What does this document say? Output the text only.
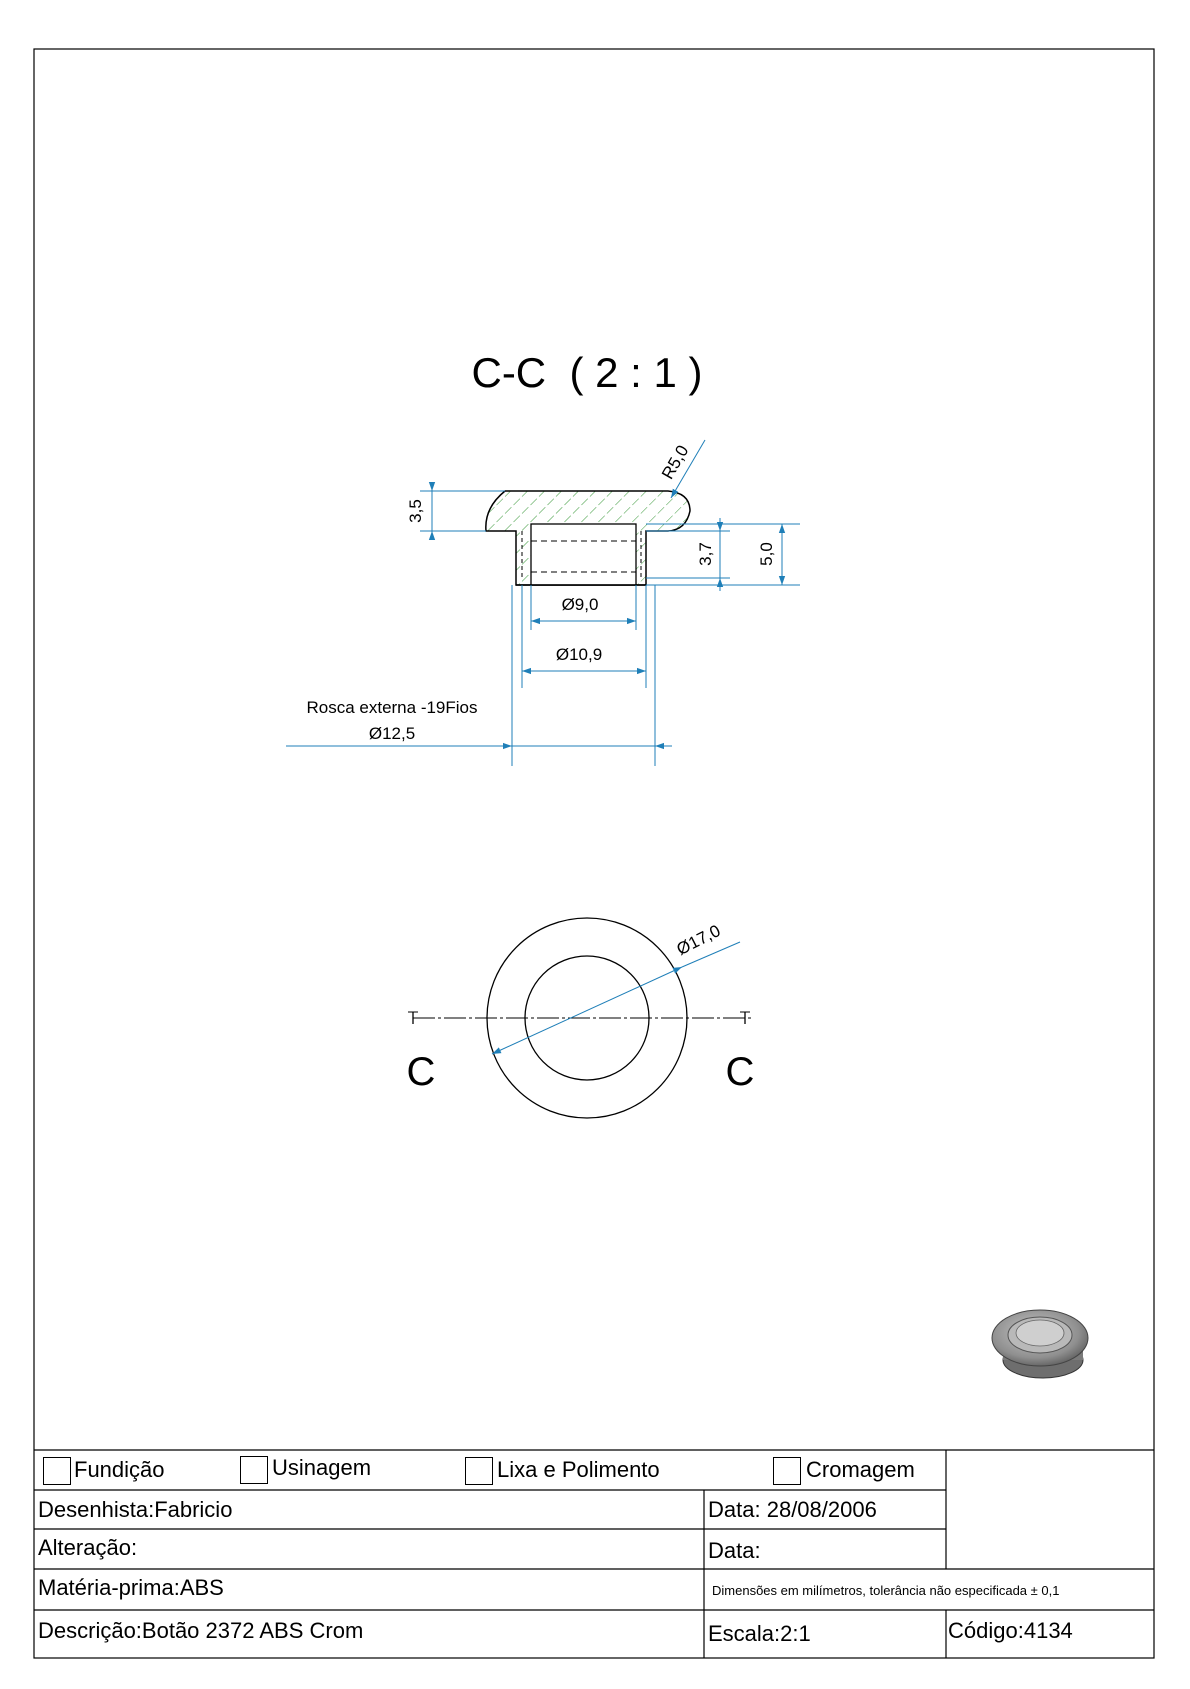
C-C  ( 2 : 1 )
3,5
3,7 5,0
Ø9,0
Ø10,9
Rosca externa -19Fios
Ø12,5
R5,0
Ø17,0
C	C
Fundição	Usinagem	Lixa e Polimento	Cromagem
Desenhista:Fabricio	Data: 28/08/2006
Alteração:	Data:
Matéria-prima:ABS	Dimensões em milímetros, tolerância não especificada ± 0,1
Descrição:Botão 2372 ABS Crom	Escala:2:1	Código:4134
